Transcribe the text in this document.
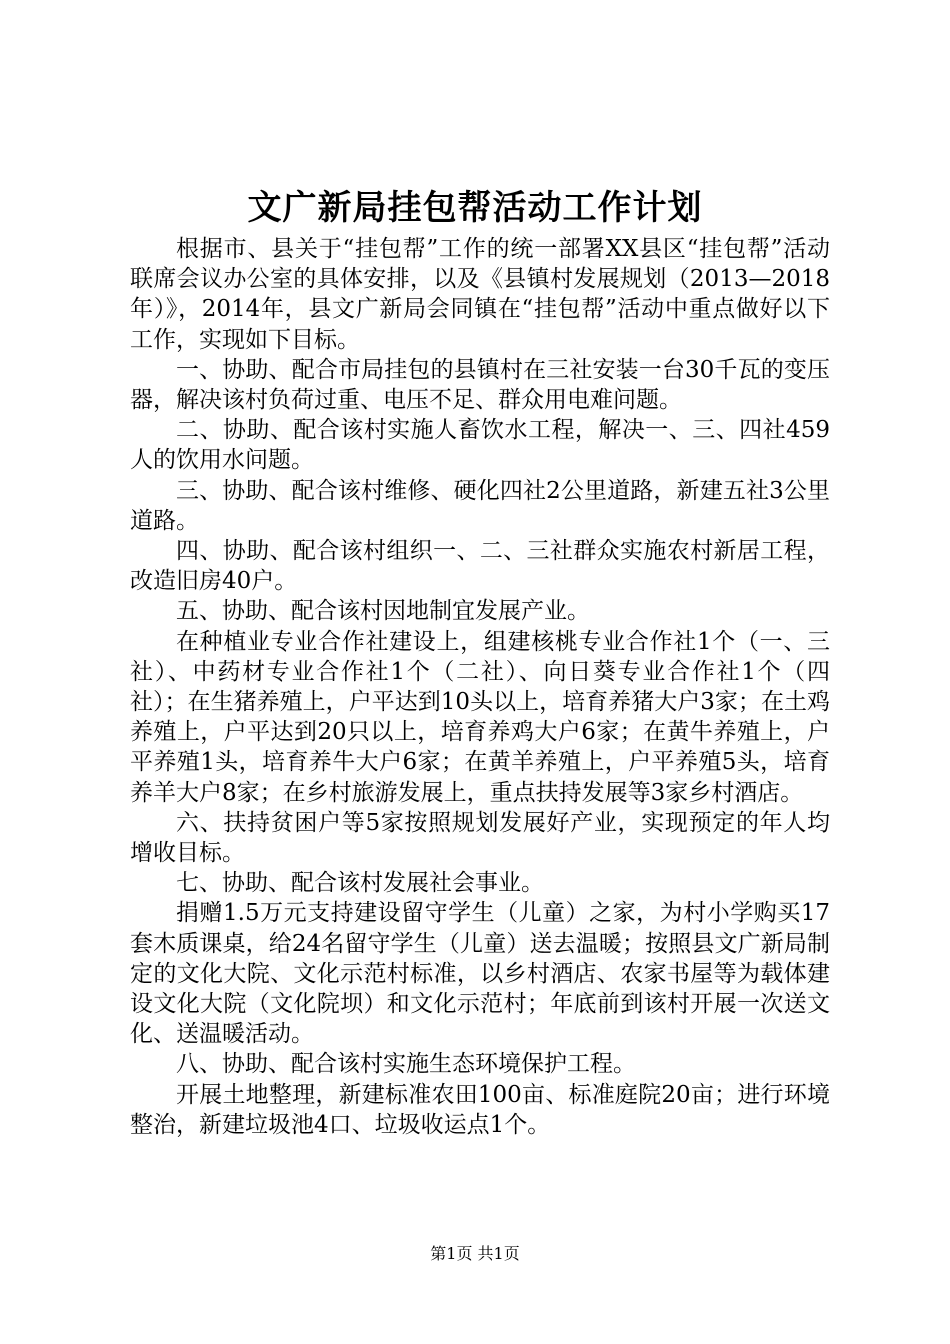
文广新局挂包帮活动工作计划

根据市、县关于“挂包帮”工作的统一部署XX县区“挂包帮”活动联席会议办公室的具体安排，以及《县镇村发展规划（2013—2018年）》，2014年，县文广新局会同镇在“挂包帮”活动中重点做好以下工作，实现如下目标。

一、协助、配合市局挂包的县镇村在三社安装一台30千瓦的变压器，解决该村负荷过重、电压不足、群众用电难问题。

二、协助、配合该村实施人畜饮水工程，解决一、三、四社459人的饮用水问题。

三、协助、配合该村维修、硬化四社2公里道路，新建五社3公里道路。

四、协助、配合该村组织一、二、三社群众实施农村新居工程，改造旧房40户。

五、协助、配合该村因地制宜发展产业。

在种植业专业合作社建设上，组建核桃专业合作社1个（一、三社）、中药材专业合作社1个（二社）、向日葵专业合作社1个（四社）；在生猪养殖上，户平达到10头以上，培育养猪大户3家；在土鸡养殖上，户平达到20只以上，培育养鸡大户6家；在黄牛养殖上，户平养殖1头，培育养牛大户6家；在黄羊养殖上，户平养殖5头，培育养羊大户8家；在乡村旅游发展上，重点扶持发展等3家乡村酒店。

六、扶持贫困户等5家按照规划发展好产业，实现预定的年人均增收目标。

七、协助、配合该村发展社会事业。

捐赠1.5万元支持建设留守学生（儿童）之家，为村小学购买17套木质课桌，给24名留守学生（儿童）送去温暖；按照县文广新局制定的文化大院、文化示范村标准，以乡村酒店、农家书屋等为载体建设文化大院（文化院坝）和文化示范村；年底前到该村开展一次送文化、送温暖活动。

八、协助、配合该村实施生态环境保护工程。

开展土地整理，新建标准农田100亩、标准庭院20亩；进行环境整治，新建垃圾池4口、垃圾收运点1个。

第1页 共1页
